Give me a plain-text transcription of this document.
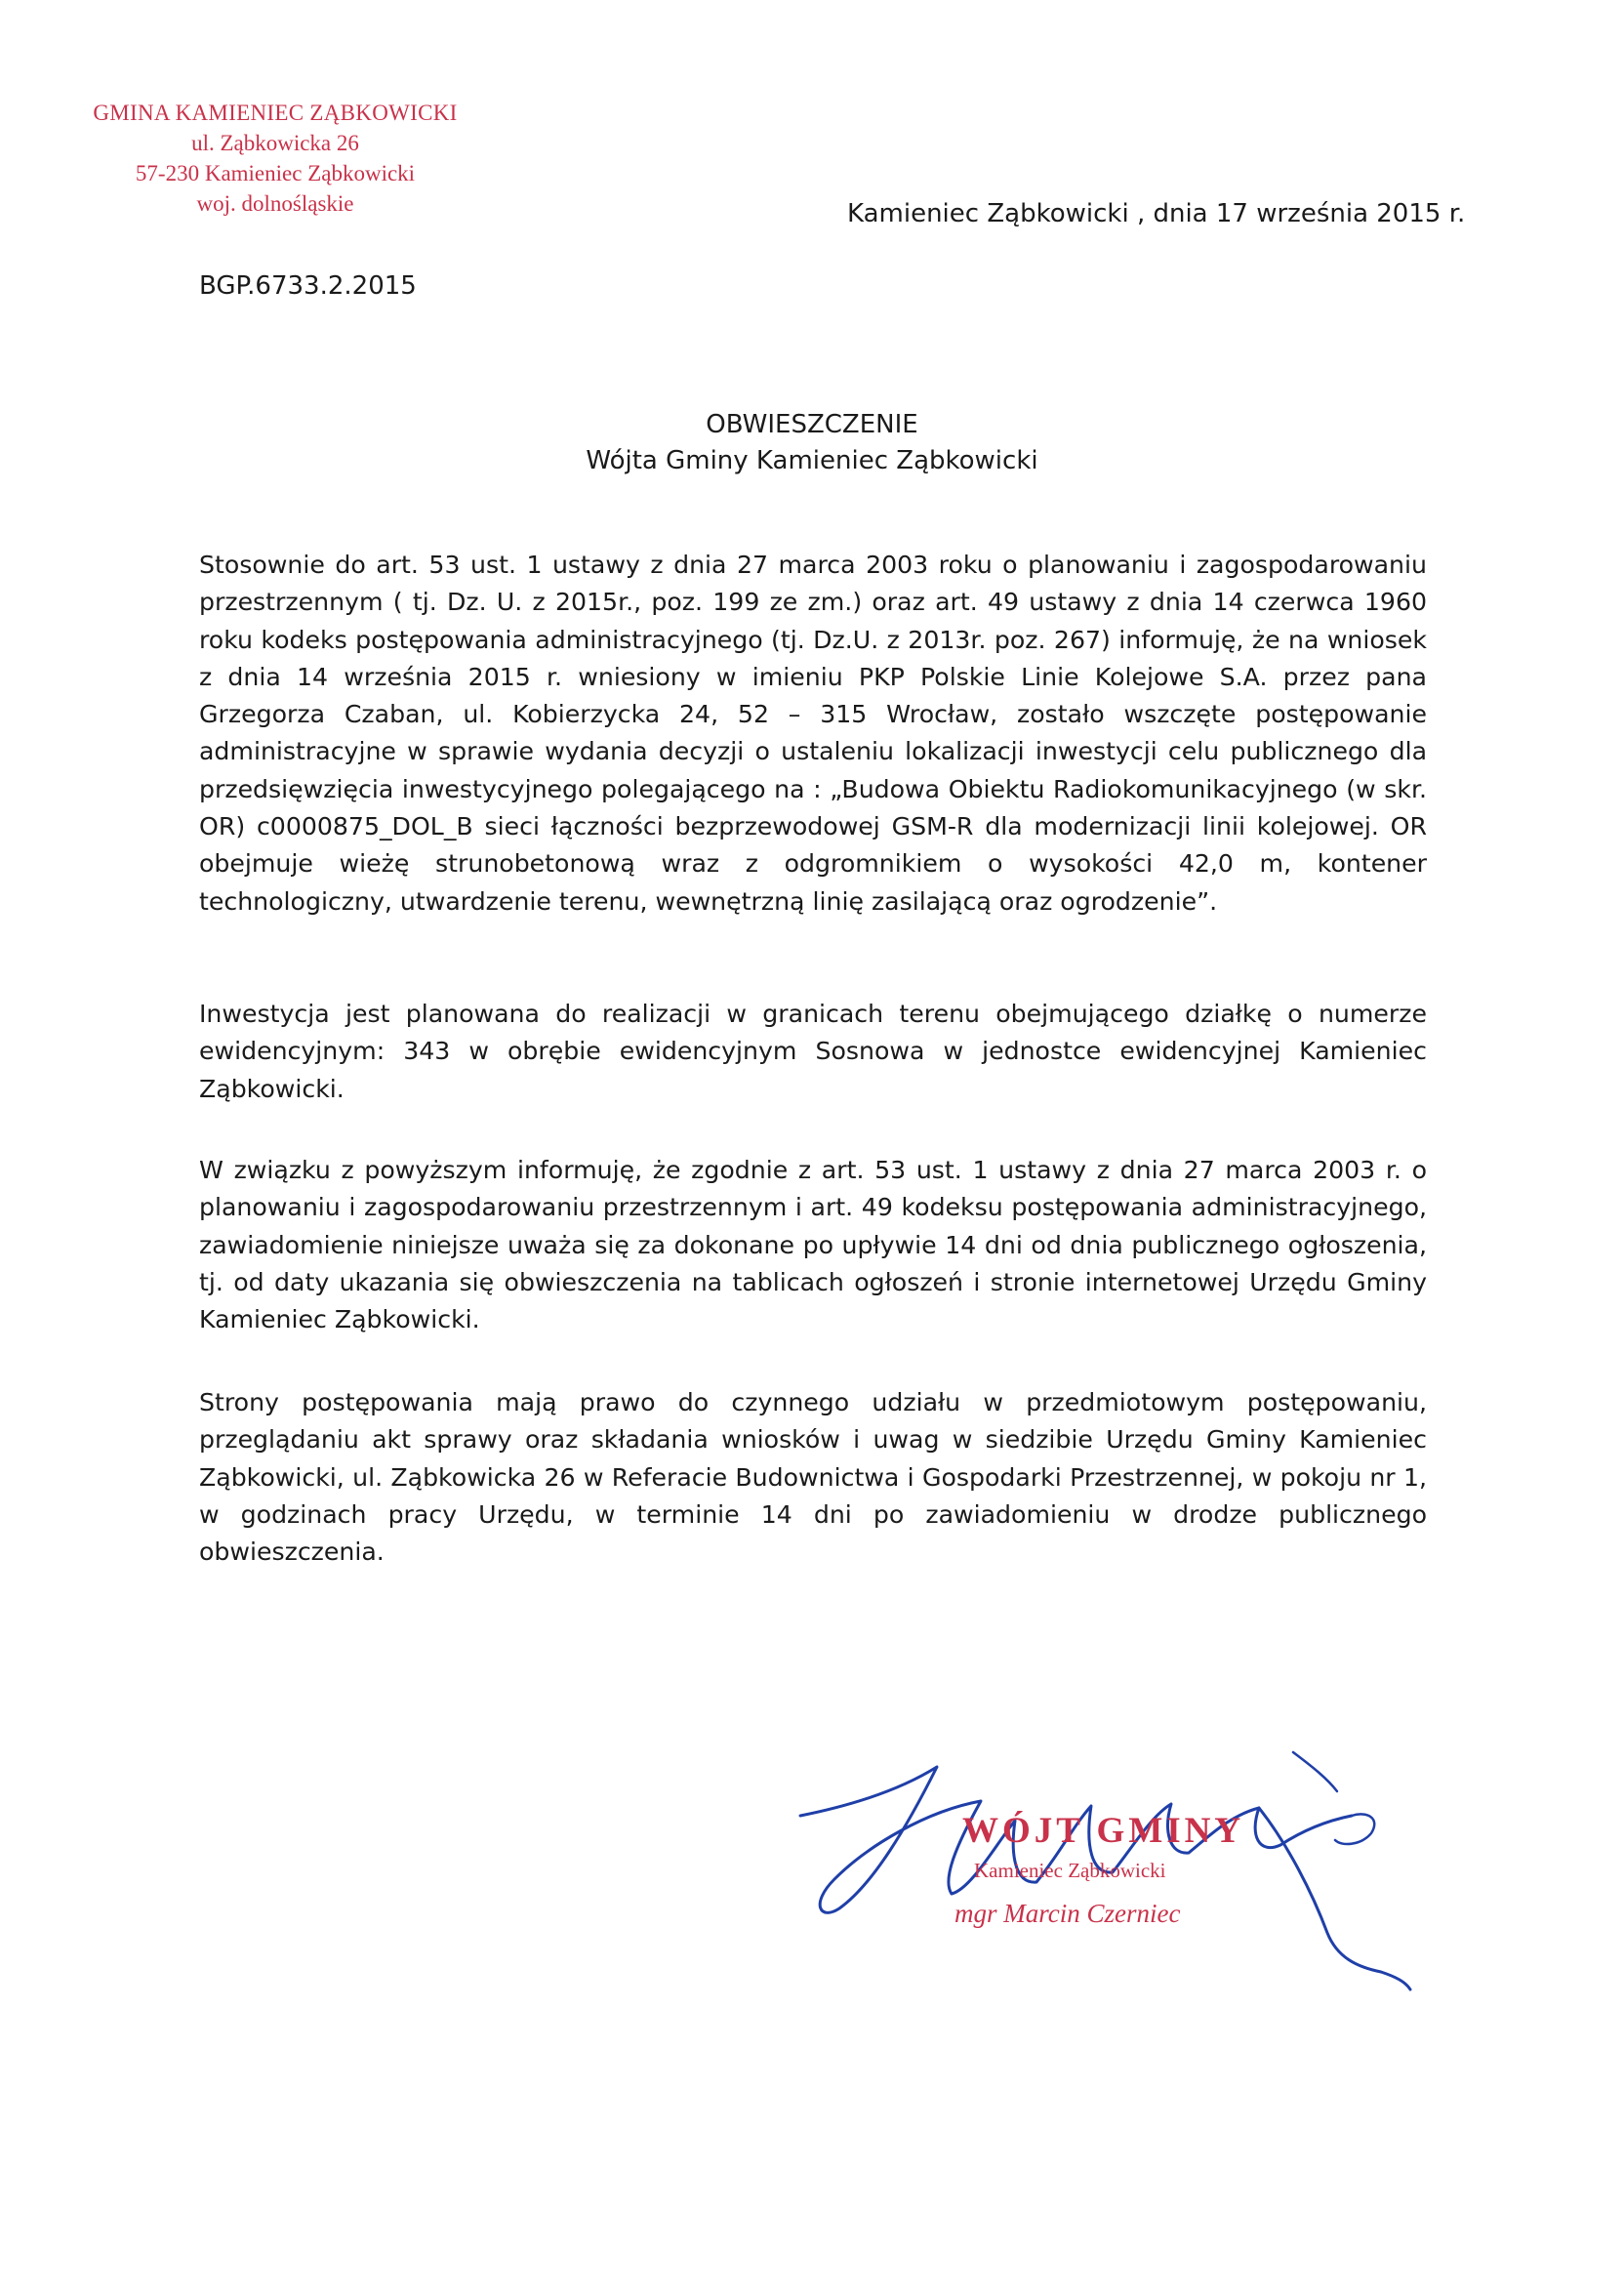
GMINA KAMIENIEC ZĄBKOWICKI
ul. Ząbkowicka 26
57-230 Kamieniec Ząbkowicki
woj. dolnośląskie	Kamieniec Ząbkowicki , dnia 17 września 2015 r.
BGP.6733.2.2015
OBWIESZCZENIE
Wójta Gminy Kamieniec Ząbkowicki

Stosownie do art. 53 ust. 1 ustawy z dnia 27 marca 2003 roku o planowaniu i zagospodarowaniu przestrzennym ( tj. Dz. U. z 2015r., poz. 199 ze zm.) oraz art. 49 ustawy z dnia 14 czerwca 1960 roku kodeks postępowania administracyjnego (tj. Dz.U. z 2013r. poz. 267) informuję, że na wniosek z dnia 14 września 2015 r. wniesiony w imieniu PKP Polskie Linie Kolejowe S.A. przez pana Grzegorza Czaban, ul. Kobierzycka 24, 52 – 315 Wrocław, zostało wszczęte postępowanie administracyjne w sprawie wydania decyzji o ustaleniu lokalizacji inwestycji celu publicznego dla przedsięwzięcia inwestycyjnego polegającego na : „Budowa Obiektu Radiokomunikacyjnego (w skr. OR) c0000875_DOL_B sieci łączności bezprzewodowej GSM-R dla modernizacji linii kolejowej. OR obejmuje wieżę strunobetonową wraz z odgromnikiem o wysokości 42,0 m, kontener technologiczny, utwardzenie terenu, wewnętrzną linię zasilającą oraz ogrodzenie”.

Inwestycja jest planowana do realizacji w granicach terenu obejmującego działkę o numerze ewidencyjnym: 343 w obrębie ewidencyjnym Sosnowa w jednostce ewidencyjnej Kamieniec Ząbkowicki.

W związku z powyższym informuję, że zgodnie z art. 53 ust. 1 ustawy z dnia 27 marca 2003 r. o planowaniu i zagospodarowaniu przestrzennym i art. 49 kodeksu postępowania administracyjnego, zawiadomienie niniejsze uważa się za dokonane po upływie 14 dni od dnia publicznego ogłoszenia, tj. od daty ukazania się obwieszczenia na tablicach ogłoszeń i stronie internetowej Urzędu Gminy Kamieniec Ząbkowicki.

Strony postępowania mają prawo do czynnego udziału w przedmiotowym postępowaniu, przeglądaniu akt sprawy oraz składania wniosków i uwag w siedzibie Urzędu Gminy Kamieniec Ząbkowicki, ul. Ząbkowicka 26 w Referacie Budownictwa i Gospodarki Przestrzennej, w pokoju nr 1, w godzinach pracy Urzędu, w terminie 14 dni po zawiadomieniu w drodze publicznego obwieszczenia.

WÓJT GMINY
Kamieniec Ząbkowicki
mgr Marcin Czerniec
